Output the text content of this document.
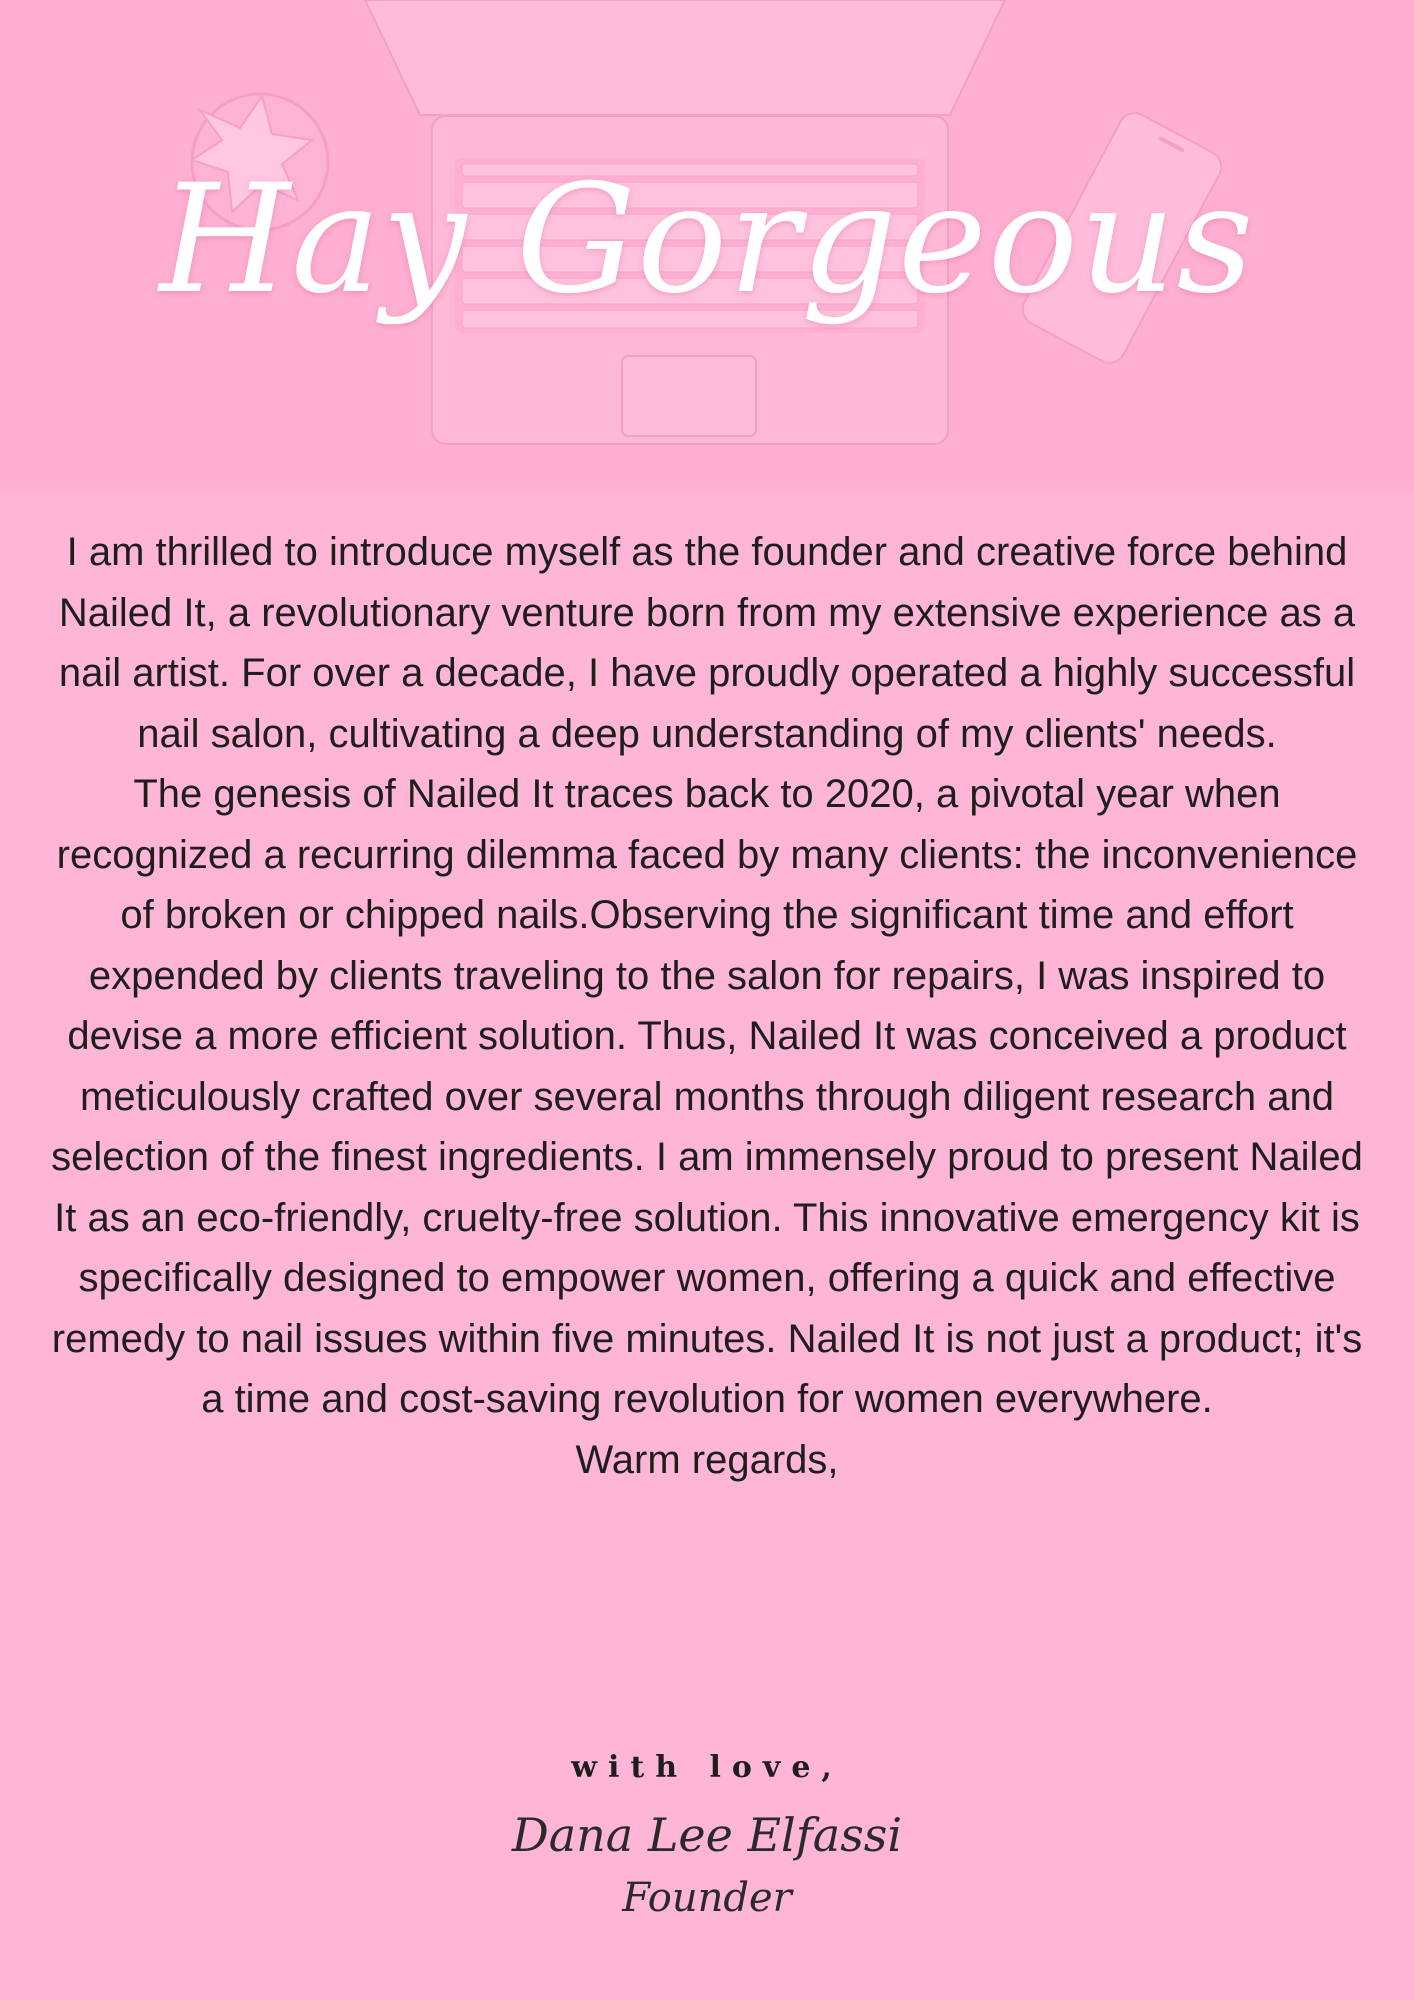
Hay Gorgeous

I am thrilled to introduce myself as the founder and creative force behind Nailed It, a revolutionary venture born from my extensive experience as a nail artist. For over a decade, I have proudly operated a highly successful nail salon, cultivating a deep understanding of my clients' needs.

The genesis of Nailed It traces back to 2020, a pivotal year when recognized a recurring dilemma faced by many clients: the inconvenience of broken or chipped nails.Observing the significant time and effort expended by clients traveling to the salon for repairs, I was inspired to devise a more efficient solution. Thus, Nailed It was conceived a product meticulously crafted over several months through diligent research and selection of the finest ingredients. I am immensely proud to present Nailed It as an eco-friendly, cruelty-free solution. This innovative emergency kit is specifically designed to empower women, offering a quick and effective remedy to nail issues within five minutes. Nailed It is not just a product; it's a time and cost-saving revolution for women everywhere.

Warm regards,

with love,
Dana Lee Elfassi
Founder
